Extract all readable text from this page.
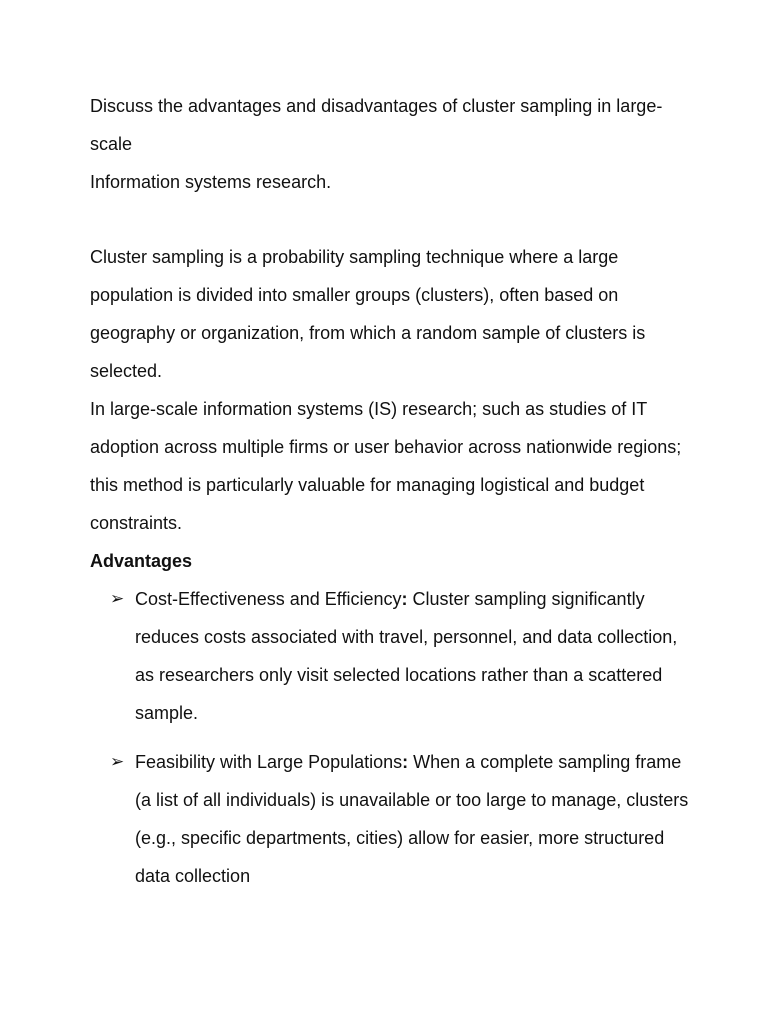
Discuss the advantages and disadvantages of cluster sampling in large-scale
Information systems research.
Cluster sampling is a probability sampling technique where a large population is divided into smaller groups (clusters), often based on geography or organization, from which a random sample of clusters is selected.
In large-scale information systems (IS) research; such as studies of IT adoption across multiple firms or user behavior across nationwide regions; this method is particularly valuable for managing logistical and budget constraints.
Advantages
➢ Cost-Effectiveness and Efficiency: Cluster sampling significantly reduces costs associated with travel, personnel, and data collection, as researchers only visit selected locations rather than a scattered sample.
➢ Feasibility with Large Populations: When a complete sampling frame (a list of all individuals) is unavailable or too large to manage, clusters (e.g., specific departments, cities) allow for easier, more structured data collection
